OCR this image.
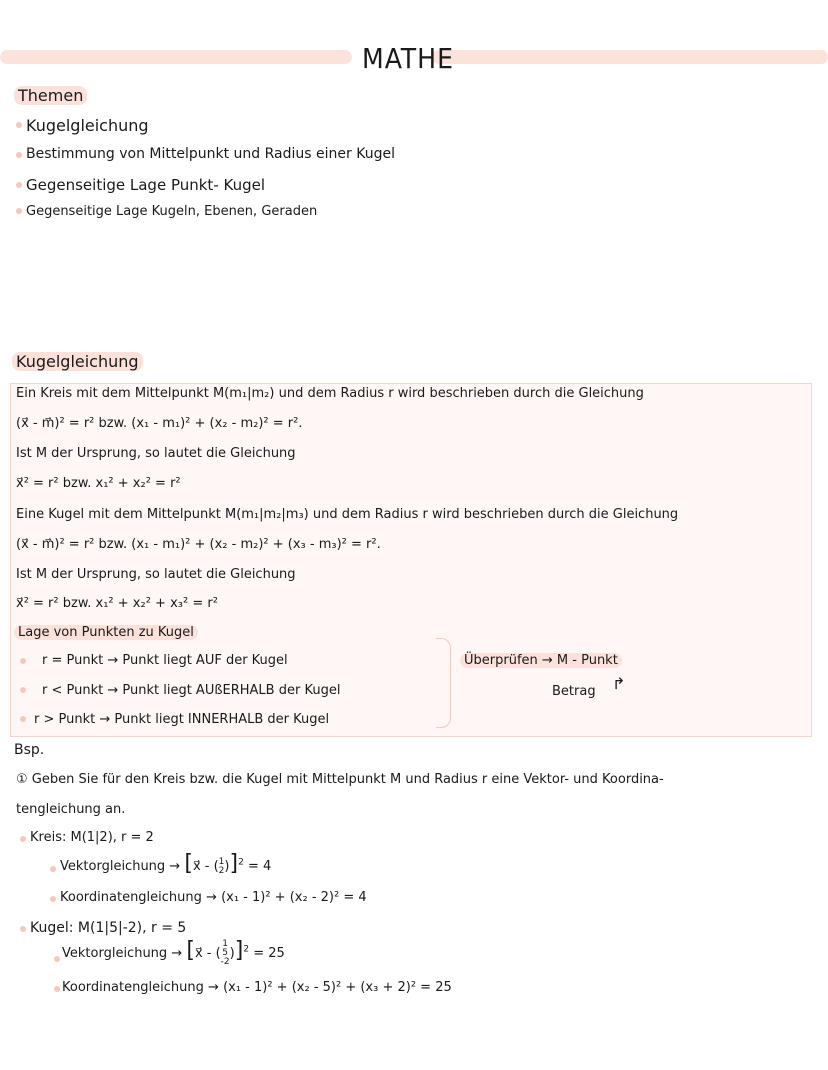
MATHE
Themen
Kugelgleichung
Bestimmung von Mittelpunkt und Radius einer Kugel
Gegenseitige Lage Punkt- Kugel
Gegenseitige Lage Kugeln, Ebenen, Geraden
Kugelgleichung
Ein Kreis mit dem Mittelpunkt M(m₁|m₂) und dem Radius r wird beschrieben durch die Gleichung
(x⃗ - m⃗)² = r² bzw. (x₁ - m₁)² + (x₂ - m₂)² = r².
Ist M der Ursprung, so lautet die Gleichung
x⃗² = r² bzw. x₁² + x₂² = r²
Eine Kugel mit dem Mittelpunkt M(m₁|m₂|m₃) und dem Radius r wird beschrieben durch die Gleichung
(x⃗ - m⃗)² = r² bzw. (x₁ - m₁)² + (x₂ - m₂)² + (x₃ - m₃)² = r².
Ist M der Ursprung, so lautet die Gleichung
x⃗² = r² bzw. x₁² + x₂² + x₃² = r²
Lage von Punkten zu Kugel
r = Punkt → Punkt liegt AUF der Kugel
r < Punkt → Punkt liegt AUßERHALB der Kugel
r > Punkt → Punkt liegt INNERHALB der Kugel
Überprüfen → M - Punkt
Betrag ↱
Bsp.
① Geben Sie für den Kreis bzw. die Kugel mit Mittelpunkt M und Radius r eine Vektor- und Koordina-
tengleichung an.
Kreis: M(1|2), r = 2
Vektorgleichung → [x⃗ - (1
2)]$^2$ = 4
Koordinatengleichung → (x₁ - 1)² + (x₂ - 2)² = 4
Kugel: M(1|5|-2), r = 5
Vektorgleichung → [x⃗ - (1
5
-2)]$^2$ = 25
Koordinatengleichung → (x₁ - 1)² + (x₂ - 5)² + (x₃ + 2)² = 25
